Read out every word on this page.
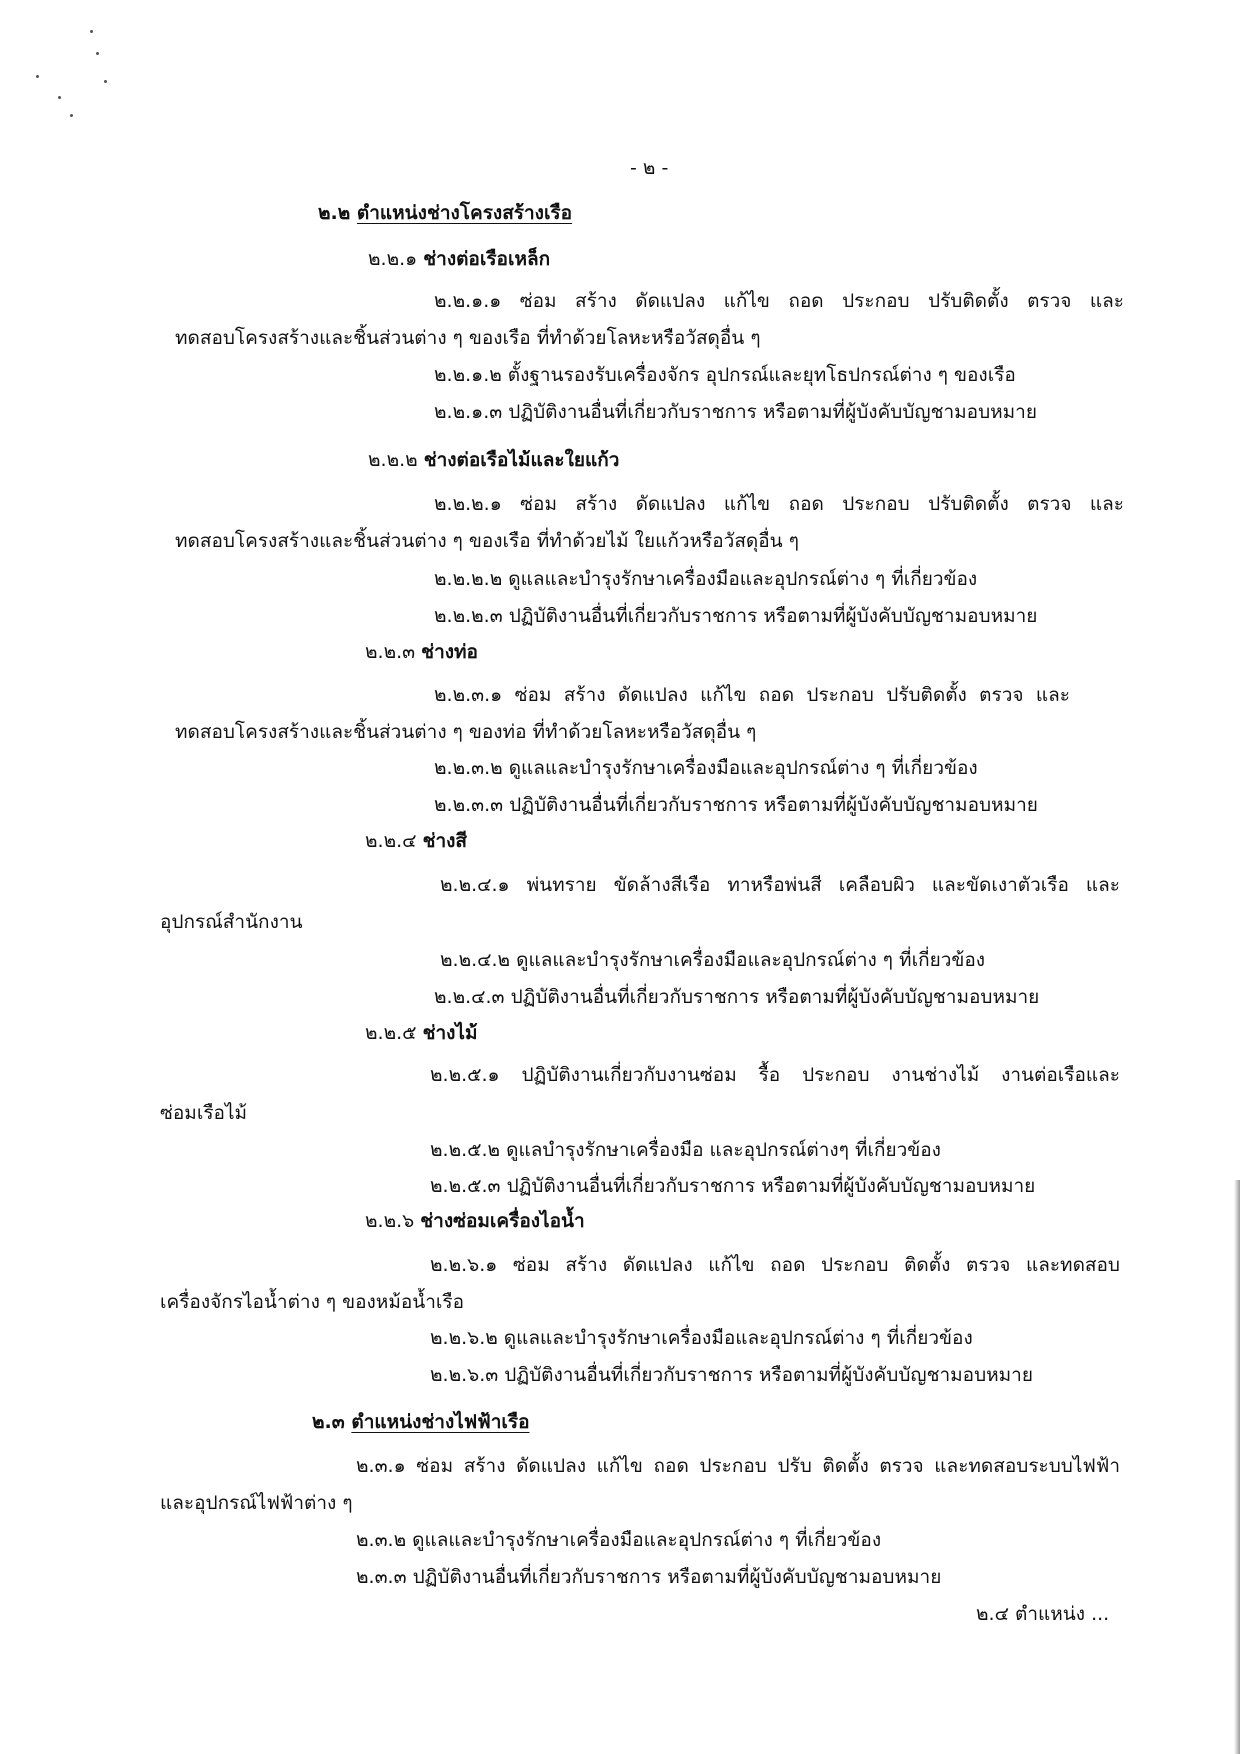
- ๒ -
๒.๒ ตำแหน่งช่างโครงสร้างเรือ
๒.๒.๑ ช่างต่อเรือเหล็ก
๒.๒.๑.๑ ซ่อม สร้าง ดัดแปลง แก้ไข ถอด ประกอบ ปรับติดตั้ง ตรวจ และ
ทดสอบโครงสร้างและชิ้นส่วนต่าง ๆ ของเรือ ที่ทำด้วยโลหะหรือวัสดุอื่น ๆ
๒.๒.๑.๒ ตั้งฐานรองรับเครื่องจักร อุปกรณ์และยุทโธปกรณ์ต่าง ๆ ของเรือ
๒.๒.๑.๓ ปฏิบัติงานอื่นที่เกี่ยวกับราชการ หรือตามที่ผู้บังคับบัญชามอบหมาย
๒.๒.๒ ช่างต่อเรือไม้และใยแก้ว
๒.๒.๒.๑ ซ่อม สร้าง ดัดแปลง แก้ไข ถอด ประกอบ ปรับติดตั้ง ตรวจ และ
ทดสอบโครงสร้างและชิ้นส่วนต่าง ๆ ของเรือ ที่ทำด้วยไม้ ใยแก้วหรือวัสดุอื่น ๆ
๒.๒.๒.๒ ดูแลและบำรุงรักษาเครื่องมือและอุปกรณ์ต่าง ๆ ที่เกี่ยวข้อง
๒.๒.๒.๓ ปฏิบัติงานอื่นที่เกี่ยวกับราชการ หรือตามที่ผู้บังคับบัญชามอบหมาย
๒.๒.๓ ช่างท่อ
๒.๒.๓.๑ ซ่อม สร้าง ดัดแปลง แก้ไข ถอด ประกอบ ปรับติดตั้ง ตรวจ และ
ทดสอบโครงสร้างและชิ้นส่วนต่าง ๆ ของท่อ ที่ทำด้วยโลหะหรือวัสดุอื่น ๆ
๒.๒.๓.๒ ดูแลและบำรุงรักษาเครื่องมือและอุปกรณ์ต่าง ๆ ที่เกี่ยวข้อง
๒.๒.๓.๓ ปฏิบัติงานอื่นที่เกี่ยวกับราชการ หรือตามที่ผู้บังคับบัญชามอบหมาย
๒.๒.๔ ช่างสี
๒.๒.๔.๑ พ่นทราย ขัดล้างสีเรือ ทาหรือพ่นสี เคลือบผิว และขัดเงาตัวเรือ และ
อุปกรณ์สำนักงาน
๒.๒.๔.๒ ดูแลและบำรุงรักษาเครื่องมือและอุปกรณ์ต่าง ๆ ที่เกี่ยวข้อง
๒.๒.๔.๓ ปฏิบัติงานอื่นที่เกี่ยวกับราชการ หรือตามที่ผู้บังคับบัญชามอบหมาย
๒.๒.๕ ช่างไม้
๒.๒.๕.๑ ปฏิบัติงานเกี่ยวกับงานซ่อม รื้อ ประกอบ งานช่างไม้ งานต่อเรือและ
ซ่อมเรือไม้
๒.๒.๕.๒ ดูแลบำรุงรักษาเครื่องมือ และอุปกรณ์ต่างๆ ที่เกี่ยวข้อง
๒.๒.๕.๓ ปฏิบัติงานอื่นที่เกี่ยวกับราชการ หรือตามที่ผู้บังคับบัญชามอบหมาย
๒.๒.๖ ช่างซ่อมเครื่องไอน้ำ
๒.๒.๖.๑ ซ่อม สร้าง ดัดแปลง แก้ไข ถอด ประกอบ ติดตั้ง ตรวจ และทดสอบ
เครื่องจักรไอน้ำต่าง ๆ ของหม้อน้ำเรือ
๒.๒.๖.๒ ดูแลและบำรุงรักษาเครื่องมือและอุปกรณ์ต่าง ๆ ที่เกี่ยวข้อง
๒.๒.๖.๓ ปฏิบัติงานอื่นที่เกี่ยวกับราชการ หรือตามที่ผู้บังคับบัญชามอบหมาย
๒.๓ ตำแหน่งช่างไฟฟ้าเรือ
๒.๓.๑ ซ่อม สร้าง ดัดแปลง แก้ไข ถอด ประกอบ ปรับ ติดตั้ง ตรวจ และทดสอบระบบไฟฟ้า
และอุปกรณ์ไฟฟ้าต่าง ๆ
๒.๓.๒ ดูแลและบำรุงรักษาเครื่องมือและอุปกรณ์ต่าง ๆ ที่เกี่ยวข้อง
๒.๓.๓ ปฏิบัติงานอื่นที่เกี่ยวกับราชการ หรือตามที่ผู้บังคับบัญชามอบหมาย
๒.๔ ตำแหน่ง ...
